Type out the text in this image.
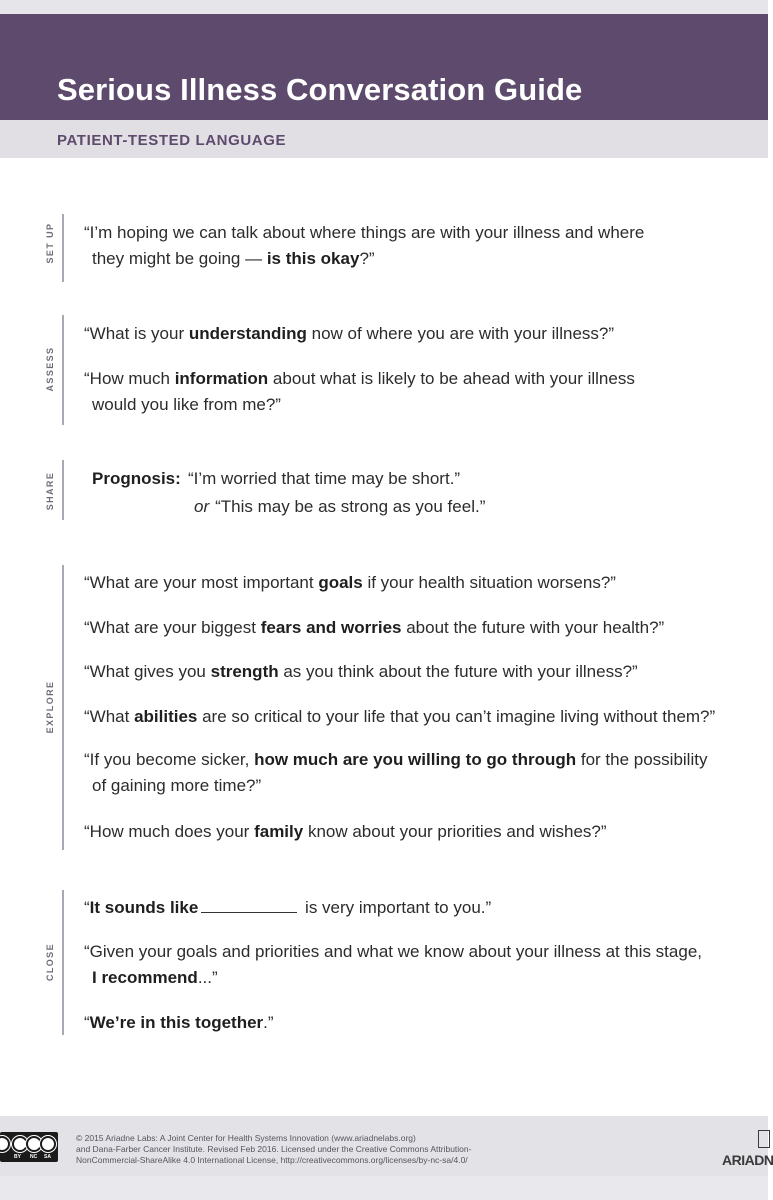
Serious Illness Conversation Guide
PATIENT-TESTED LANGUAGE
SET UP “I’m hoping we can talk about where things are with your illness and where
they might be going — is this okay?”
ASSESS
“What is your understanding now of where you are with your illness?”
“How much information about what is likely to be ahead with your illness
would you like from me?”
SHARE Prognosis: “I’m worried that time may be short.”
or “This may be as strong as you feel.”
EXPLORE
“What are your most important goals if your health situation worsens?”
“What are your biggest fears and worries about the future with your health?”
“What gives you strength as you think about the future with your illness?”
“What abilities are so critical to your life that you can’t imagine living without them?”
“If you become sicker, how much are you willing to go through for the possibility
of gaining more time?”
“How much does your family know about your priorities and wishes?”
CLOSE
“It sounds like	is very important to you.”
“Given your goals and priorities and what we know about your illness at this stage,
I recommend...”
“We’re in this together.”
BY NC SA
© 2015 Ariadne Labs: A Joint Center for Health Systems Innovation (www.ariadnelabs.org)
and Dana-Farber Cancer Institute. Revised Feb 2016. Licensed under the Creative Commons Attribution-
NonCommercial-ShareAlike 4.0 International License, http://creativecommons.org/licenses/by-nc-sa/4.0/	ARIADN
